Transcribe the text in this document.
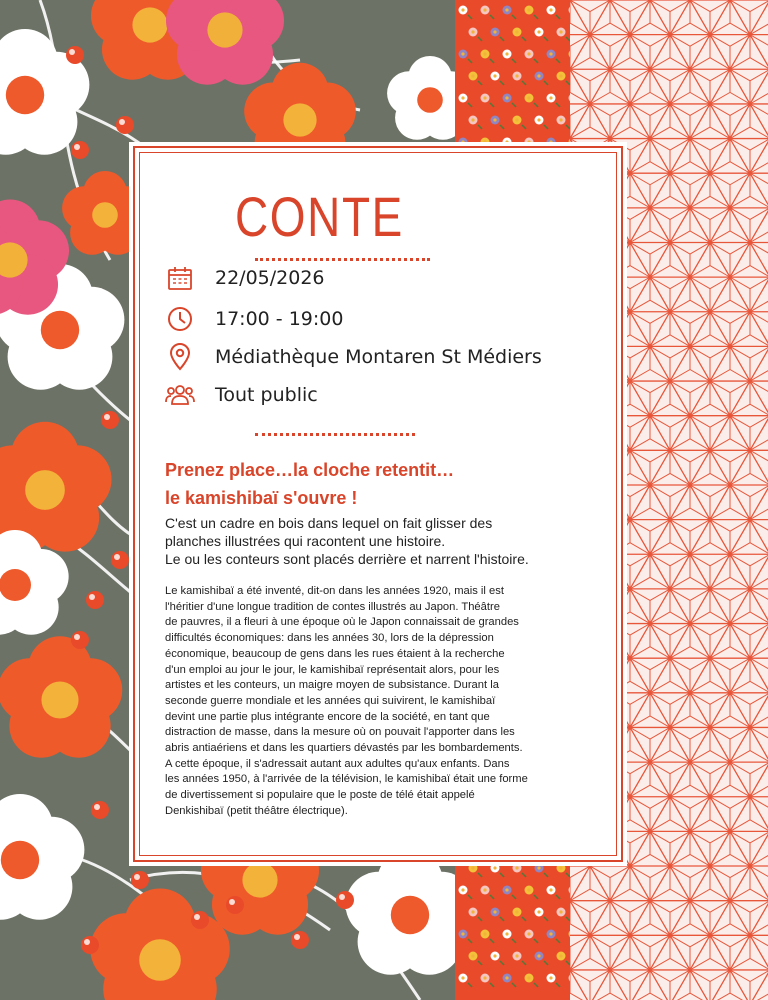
CONTE
22/05/2026
17:00 - 19:00
Médiathèque Montaren St Médiers
Tout public
Prenez place…la cloche retentit…
le kamishibaï s'ouvre !
C'est un cadre en bois dans lequel on fait glisser des
planches illustrées qui racontent une histoire.
Le ou les conteurs sont placés derrière et narrent l'histoire.
Le kamishibaï a été inventé, dit-on dans les années 1920, mais il est
l'héritier d'une longue tradition de contes illustrés au Japon. Théâtre
de pauvres, il a fleuri à une époque où le Japon connaissait de grandes
difficultés économiques: dans les années 30, lors de la dépression
économique, beaucoup de gens dans les rues étaient à la recherche
d'un emploi au jour le jour, le kamishibaï représentait alors, pour les
artistes et les conteurs, un maigre moyen de subsistance. Durant la
seconde guerre mondiale et les années qui suivirent, le kamishibaï
devint une partie plus intégrante encore de la société, en tant que
distraction de masse, dans la mesure où on pouvait l'apporter dans les
abris antiaériens et dans les quartiers dévastés par les bombardements.
A cette époque, il s'adressait autant aux adultes qu'aux enfants. Dans
les années 1950, à l'arrivée de la télévision, le kamishibaï était une forme
de divertissement si populaire que le poste de télé était appelé
Denkishibaï (petit théâtre électrique).
